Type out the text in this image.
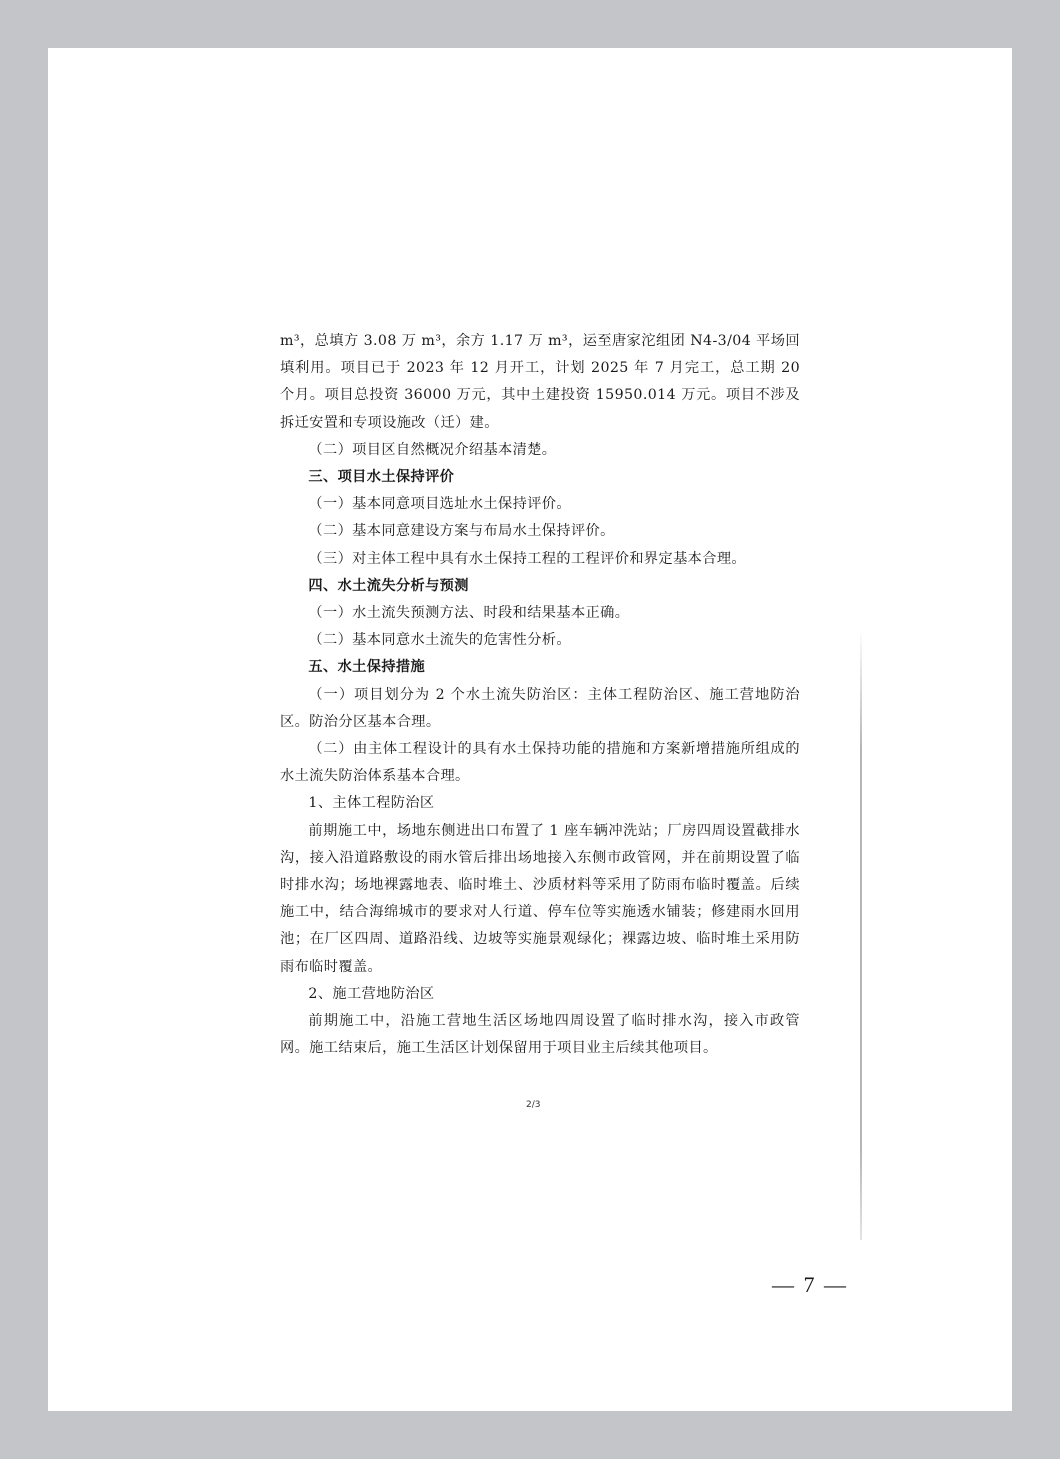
m³，总填方 3.08 万 m³，余方 1.17 万 m³，运至唐家沱组团 N4-3/04 平场回填利用。项目已于 2023 年 12 月开工，计划 2025 年 7 月完工，总工期 20 个月。项目总投资 36000 万元，其中土建投资 15950.014 万元。项目不涉及拆迁安置和专项设施改（迁）建。

（二）项目区自然概况介绍基本清楚。

三、项目水土保持评价

（一）基本同意项目选址水土保持评价。

（二）基本同意建设方案与布局水土保持评价。

（三）对主体工程中具有水土保持工程的工程评价和界定基本合理。

四、水土流失分析与预测

（一）水土流失预测方法、时段和结果基本正确。

（二）基本同意水土流失的危害性分析。

五、水土保持措施

（一）项目划分为 2 个水土流失防治区：主体工程防治区、施工营地防治区。防治分区基本合理。

（二）由主体工程设计的具有水土保持功能的措施和方案新增措施所组成的水土流失防治体系基本合理。

1、主体工程防治区

前期施工中，场地东侧进出口布置了 1 座车辆冲洗站；厂房四周设置截排水沟，接入沿道路敷设的雨水管后排出场地接入东侧市政管网，并在前期设置了临时排水沟；场地裸露地表、临时堆土、沙质材料等采用了防雨布临时覆盖。后续施工中，结合海绵城市的要求对人行道、停车位等实施透水铺装；修建雨水回用池；在厂区四周、道路沿线、边坡等实施景观绿化；裸露边坡、临时堆土采用防雨布临时覆盖。

2、施工营地防治区

前期施工中，沿施工营地生活区场地四周设置了临时排水沟，接入市政管网。施工结束后，施工生活区计划保留用于项目业主后续其他项目。

2/3
— 7 —
